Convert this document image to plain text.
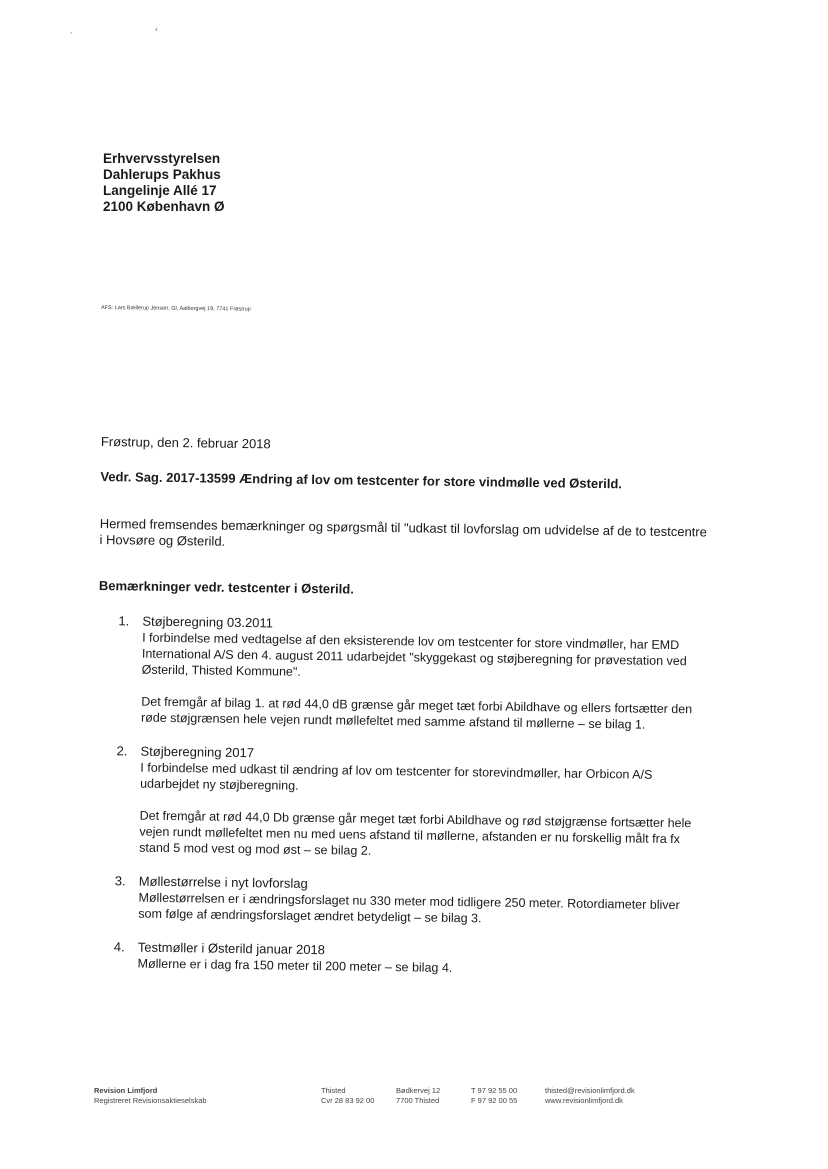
, ⁴
Erhvervsstyrelsen
Dahlerups Pakhus
Langelinje Allé 17
2100 København Ø
AFS: Lars Bællerup Jensen, Gl. Aalborgvej 19, 7741 Frøstrup

Frøstrup, den 2. februar 2018

Vedr. Sag. 2017-13599 Ændring af lov om testcenter for store vindmølle ved Østerild.
Hermed fremsendes bemærkninger og spørgsmål til "udkast til lovforslag om udvidelse af de to testcentre i Hovsøre og Østerild.
Bemærkninger vedr. testcenter i Østerild.
1. Støjberegning 03.2011
I forbindelse med vedtagelse af den eksisterende lov om testcenter for store vindmøller, har EMD International A/S den 4. august 2011 udarbejdet "skyggekast og støjberegning for prøvestation ved Østerild, Thisted Kommune".
Det fremgår af bilag 1. at rød 44,0 dB grænse går meget tæt forbi Abildhave og ellers fortsætter den røde støjgrænsen hele vejen rundt møllefeltet med samme afstand til møllerne – se bilag 1.
2. Støjberegning 2017
I forbindelse med udkast til ændring af lov om testcenter for storevindmøller, har Orbicon A/S udarbejdet ny støjberegning.
Det fremgår at rød 44,0 Db grænse går meget tæt forbi Abildhave og rød støjgrænse fortsætter hele vejen rundt møllefeltet men nu med uens afstand til møllerne, afstanden er nu forskellig målt fra fx stand 5 mod vest og mod øst – se bilag 2.
3. Møllestørrelse i nyt lovforslag
Møllestørrelsen er i ændringsforslaget nu 330 meter mod tidligere 250 meter. Rotordiameter bliver som følge af ændringsforslaget ændret betydeligt – se bilag 3.
4. Testmøller i Østerild januar 2018
Møllerne er i dag fra 150 meter til 200 meter – se bilag 4.
Revision Limfjord
Registreret Revisionsaktieselskab
Thisted
Cvr 28 83 92 00
Bødkervej 12
7700 Thisted
T 97 92 55 00
F 97 92 00 55
thisted@revisionlimfjord.dk
www.revisionlimfjord.dk
